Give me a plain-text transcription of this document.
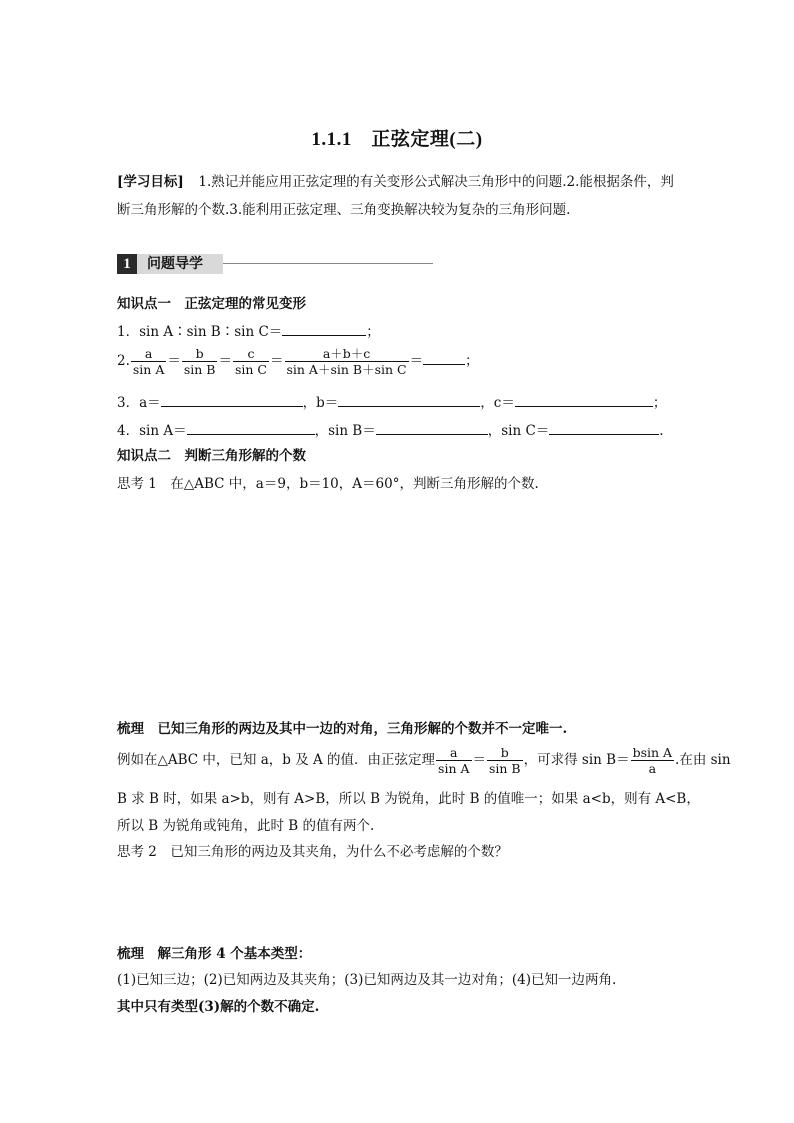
1.1.1　正弦定理(二)
[学习目标] 1.熟记并能应用正弦定理的有关变形公式解决三角形中的问题.2.能根据条件，判
断三角形解的个数.3.能利用正弦定理、三角变换解决较为复杂的三角形问题.
1	问题导学
知识点一　正弦定理的常见变形
1．sin A∶sin B∶sin C＝	；
2. $\frac{a}{\text{sin A}} = \frac{b}{\text{sin B}} = \frac{c}{\text{sin C}} = \frac{a+b+c}{\text{sin A＋sin B＋sin C}}$ ＝	；
3．a＝	，b＝	，c＝	；
4．sin A＝	，sin B＝	，sin C＝	.
知识点二　判断三角形解的个数
思考 1　在△ABC 中，a＝9，b＝10，A＝60°，判断三角形解的个数.
梳理　已知三角形的两边及其中一边的对角，三角形解的个数并不一定唯一.
例如在△ABC 中，已知 a，b 及 A 的值．由正弦定理 $\frac{a}{\text{sin A}} = \frac{b}{\text{sin B}}$ ，可求得 $\sin B= \frac{\text{bsin A}}{a}$ .在由 sin
B 求 B 时，如果 a>b，则有 A>B，所以 B 为锐角，此时 B 的值唯一；如果 a<b，则有 A<B，
所以 B 为锐角或钝角，此时 B 的值有两个.
思考 2　已知三角形的两边及其夹角，为什么不必考虑解的个数？
梳理　解三角形 4 个基本类型：
(1)已知三边；(2)已知两边及其夹角；(3)已知两边及其一边对角；(4)已知一边两角.
其中只有类型(3)解的个数不确定.
